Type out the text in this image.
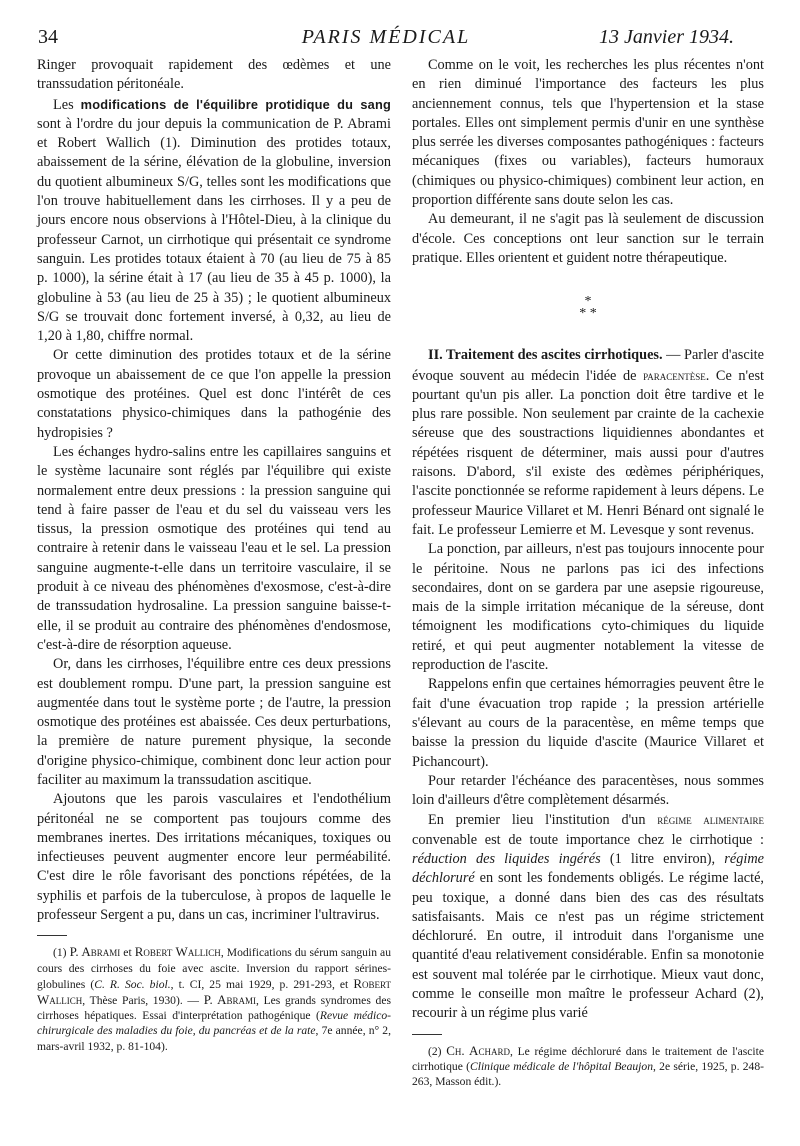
34	PARIS MÉDICAL	13 Janvier 1934.

Ringer provoquait rapidement des œdèmes et une transsudation péritonéale.

Les modifications de l'équilibre protidique du sang sont à l'ordre du jour depuis la communication de P. Abrami et Robert Wallich (1). Diminution des protides totaux, abaissement de la sérine, élévation de la globuline, inversion du quotient albumineux S/G, telles sont les modifications que l'on trouve habituellement dans les cirrhoses. Il y a peu de jours encore nous observions à l'Hôtel-Dieu, à la clinique du professeur Carnot, un cirrhotique qui présentait ce syndrome sanguin. Les protides totaux étaient à 70 (au lieu de 75 à 85 p. 1000), la sérine était à 17 (au lieu de 35 à 45 p. 1000), la globuline à 53 (au lieu de 25 à 35) ; le quotient albumineux S/G se trouvait donc fortement inversé, à 0,32, au lieu de 1,20 à 1,80, chiffre normal.

Or cette diminution des protides totaux et de la sérine provoque un abaissement de ce que l'on appelle la pression osmotique des protéines. Quel est donc l'intérêt de ces constatations physico-chimiques dans la pathogénie des hydropisies ?

Les échanges hydro-salins entre les capillaires sanguins et le système lacunaire sont réglés par l'équilibre qui existe normalement entre deux pressions : la pression sanguine qui tend à faire passer de l'eau et du sel du vaisseau vers les tissus, la pression osmotique des protéines qui tend au contraire à retenir dans le vaisseau l'eau et le sel. La pression sanguine augmente-t-elle dans un territoire vasculaire, il se produit à ce niveau des phénomènes d'exosmose, c'est-à-dire de transsudation hydrosaline. La pression sanguine baisse-t-elle, il se produit au contraire des phénomènes d'endosmose, c'est-à-dire de résorption aqueuse.

Or, dans les cirrhoses, l'équilibre entre ces deux pressions est doublement rompu. D'une part, la pression sanguine est augmentée dans tout le système porte ; de l'autre, la pression osmotique des protéines est abaissée. Ces deux perturbations, la première de nature purement physique, la seconde d'origine physico-chimique, combinent donc leur action pour faciliter au maximum la transsudation ascitique.

Ajoutons que les parois vasculaires et l'endothélium péritonéal ne se comportent pas toujours comme des membranes inertes. Des irritations mécaniques, toxiques ou infectieuses peuvent augmenter encore leur perméabilité. C'est dire le rôle favorisant des ponctions répétées, de la syphilis et parfois de la tuberculose, à propos de laquelle le professeur Sergent a pu, dans un cas, incriminer l'ultravirus.

(1) P. Abrami et Robert Wallich, Modifications du sérum sanguin au cours des cirrhoses du foie avec ascite. Inversion du rapport sérines-globulines (C. R. Soc. biol., t. CI, 25 mai 1929, p. 291-293, et Robert Wallich, Thèse Paris, 1930). — P. Abrami, Les grands syndromes des cirrhoses hépatiques. Essai d'interprétation pathogénique (Revue médico-chirurgicale des maladies du foie, du pancréas et de la rate, 7e année, n° 2, mars-avril 1932, p. 81-104).

Comme on le voit, les recherches les plus récentes n'ont en rien diminué l'importance des facteurs les plus anciennement connus, tels que l'hypertension et la stase portales. Elles ont simplement permis d'unir en une synthèse plus serrée les diverses composantes pathogéniques : facteurs mécaniques (fixes ou variables), facteurs humoraux (chimiques ou physico-chimiques) combinent leur action, en proportion différente sans doute selon les cas.

Au demeurant, il ne s'agit pas là seulement de discussion d'école. Ces conceptions ont leur sanction sur le terrain pratique. Elles orientent et guident notre thérapeutique.

*
* *

II. Traitement des ascites cirrhotiques. — Parler d'ascite évoque souvent au médecin l'idée de paracentèse. Ce n'est pourtant qu'un pis aller. La ponction doit être tardive et le plus rare possible. Non seulement par crainte de la cachexie séreuse que des soustractions liquidiennes abondantes et répétées risquent de déterminer, mais aussi pour d'autres raisons. D'abord, s'il existe des œdèmes périphériques, l'ascite ponctionnée se reforme rapidement à leurs dépens. Le professeur Maurice Villaret et M. Henri Bénard ont signalé le fait. Le professeur Lemierre et M. Levesque y sont revenus.

La ponction, par ailleurs, n'est pas toujours innocente pour le péritoine. Nous ne parlons pas ici des infections secondaires, dont on se gardera par une asepsie rigoureuse, mais de la simple irritation mécanique de la séreuse, dont témoignent les modifications cyto-chimiques du liquide retiré, et qui peut augmenter notablement la vitesse de reproduction de l'ascite.

Rappelons enfin que certaines hémorragies peuvent être le fait d'une évacuation trop rapide ; la pression artérielle s'élevant au cours de la paracentèse, en même temps que baisse la pression du liquide d'ascite (Maurice Villaret et Pichancourt).

Pour retarder l'échéance des paracentèses, nous sommes loin d'ailleurs d'être complètement désarmés.

En premier lieu l'institution d'un régime alimentaire convenable est de toute importance chez le cirrhotique : réduction des liquides ingérés (1 litre environ), régime déchloruré en sont les fondements obligés. Le régime lacté, peu toxique, a donné dans bien des cas des résultats satisfaisants. Mais ce n'est pas un régime strictement déchloruré. En outre, il introduit dans l'organisme une quantité d'eau relativement considérable. Enfin sa monotonie est souvent mal tolérée par le cirrhotique. Mieux vaut donc, comme le conseille mon maître le professeur Achard (2), recourir à un régime plus varié

(2) Ch. Achard, Le régime déchloruré dans le traitement de l'ascite cirrhotique (Clinique médicale de l'hôpital Beaujon, 2e série, 1925, p. 248-263, Masson édit.).
